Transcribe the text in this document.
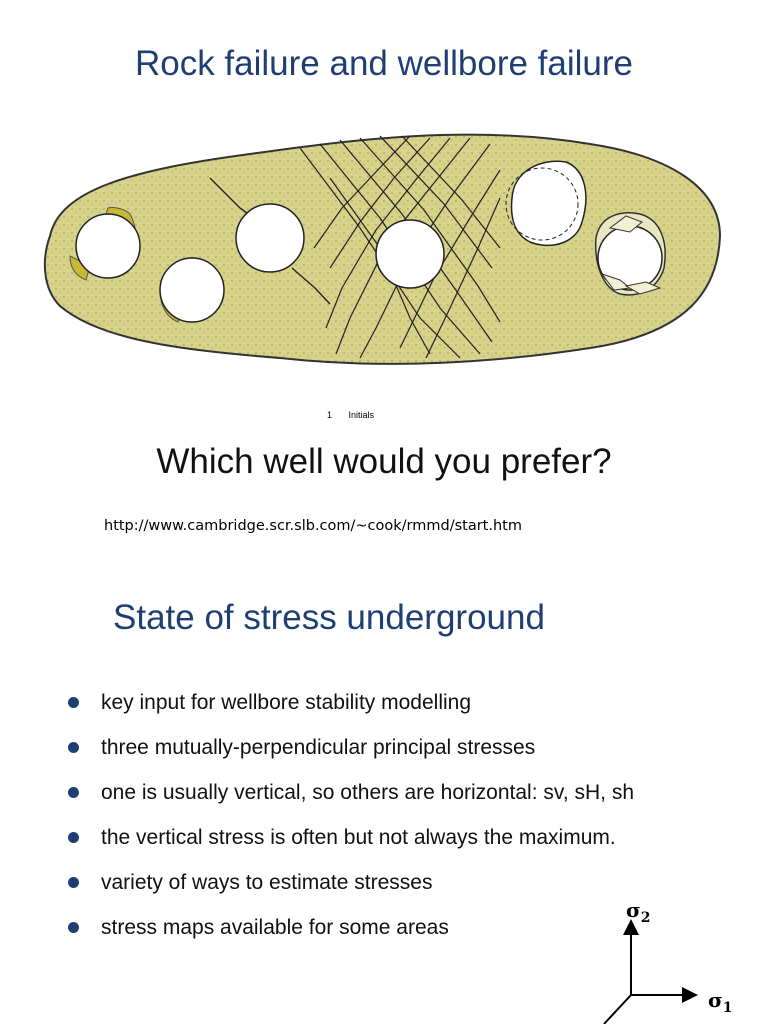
Rock failure and wellbore failure
1 Initials
Which well would you prefer?
http://www.cambridge.scr.slb.com/~cook/rmmd/start.htm
State of stress underground
key input for wellbore stability modelling
three mutually-perpendicular principal stresses
one is usually vertical, so others are horizontal: sv, sH, sh
the vertical stress is often but not always the maximum.
variety of ways to estimate stresses
stress maps available for some areas
$\sigma_2$
$\sigma_1$
